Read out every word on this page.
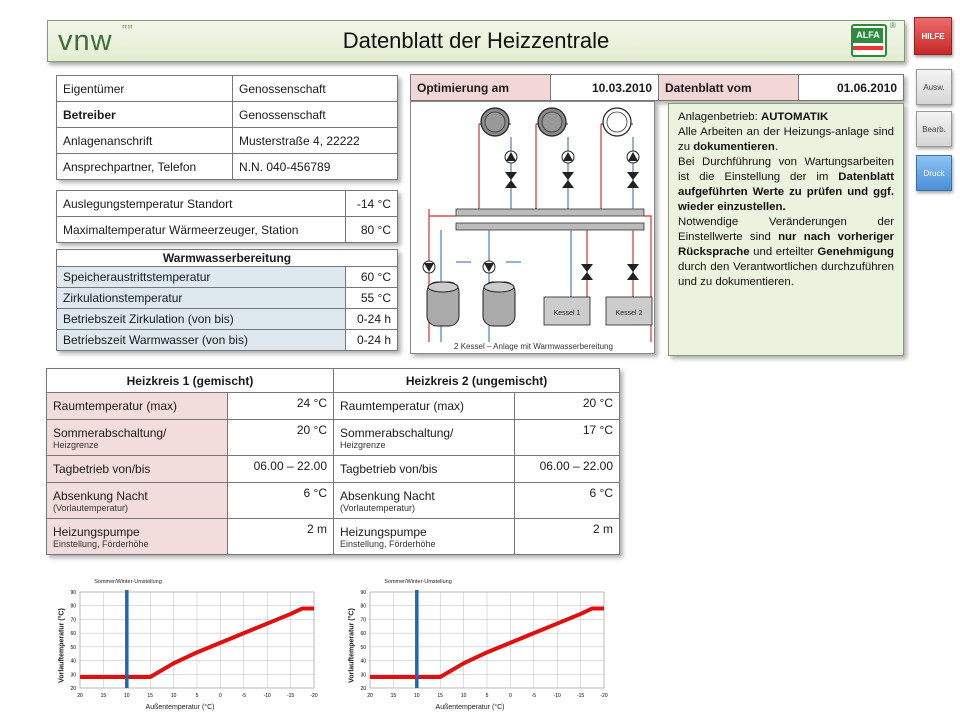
vnw ‟”	Datenblatt der Heizzentrale	ALFA
®
HILFE
Ausw.
Bearb.
Druck
Eigentümer	Genossenschaft
Betreiber	Genossenschaft
Anlagenanschrift	Musterstraße 4, 22222
Ansprechpartner, Telefon	N.N. 040-456789
Auslegungstemperatur Standort	-14 °C
Maximaltemperatur Wärmeerzeuger, Station	80 °C
Warmwasserbereitung	
Speicheraustrittstemperatur	60 °C
Zirkulationstemperatur	55 °C
Betriebszeit Zirkulation (von bis)	0-24 h
Betriebszeit Warmwasser (von bis)	0-24 h
Optimierung am	10.03.2010	Datenblatt vom	01.06.2010
Kessel 1	Kessel 2
2 Kessel – Anlage mit Warmwasserbereitung
Anlagenbetrieb: AUTOMATIK
Alle Arbeiten an der Heizungs-anlage sind zu dokumentieren.
Bei Durchführung von Wartungsarbeiten ist die Einstellung der im Datenblatt aufgeführten Werte zu prüfen und ggf. wieder einzustellen.
Notwendige Veränderungen der Einstellwerte sind nur nach vorheriger Rücksprache und erteilter Genehmigung durch den Verantwortlichen durchzuführen und zu dokumentieren.
Heizkreis 1 (gemischt)		Heizkreis 2 (ungemischt)	

Raumtemperatur (max)	24 °C	Raumtemperatur (max)	20 °C

Sommerabschaltung/
Heizgrenze	20 °C	Sommerabschaltung/
Heizgrenze	17 °C

Tagbetrieb von/bis	06.00 – 22.00	Tagbetrieb von/bis	06.00 – 22.00

Absenkung Nacht
(Vorlautemperatur)	6 °C	Absenkung Nacht
(Vorlautemperatur)	6 °C

Heizungspumpe
Einstellung, Förderhöhe	2 m	Heizungspumpe
Einstellung, Förderhöhe	2 m
20
30
40
50
60
70
80
90
20	15	10	15	10	5	0	-5	-10	-15	-20
Sommer/Winter-Umstellung
Vorlauftemperatur (°C)
Außentemperatur (°C)
20
30
40
50
60
70
80
90
20	15	10	15	10	5	0	-5	-10	-15	-20
Sommer/Winter-Umstellung
Vorlauftemperatur (°C)
Außentemperatur (°C)
